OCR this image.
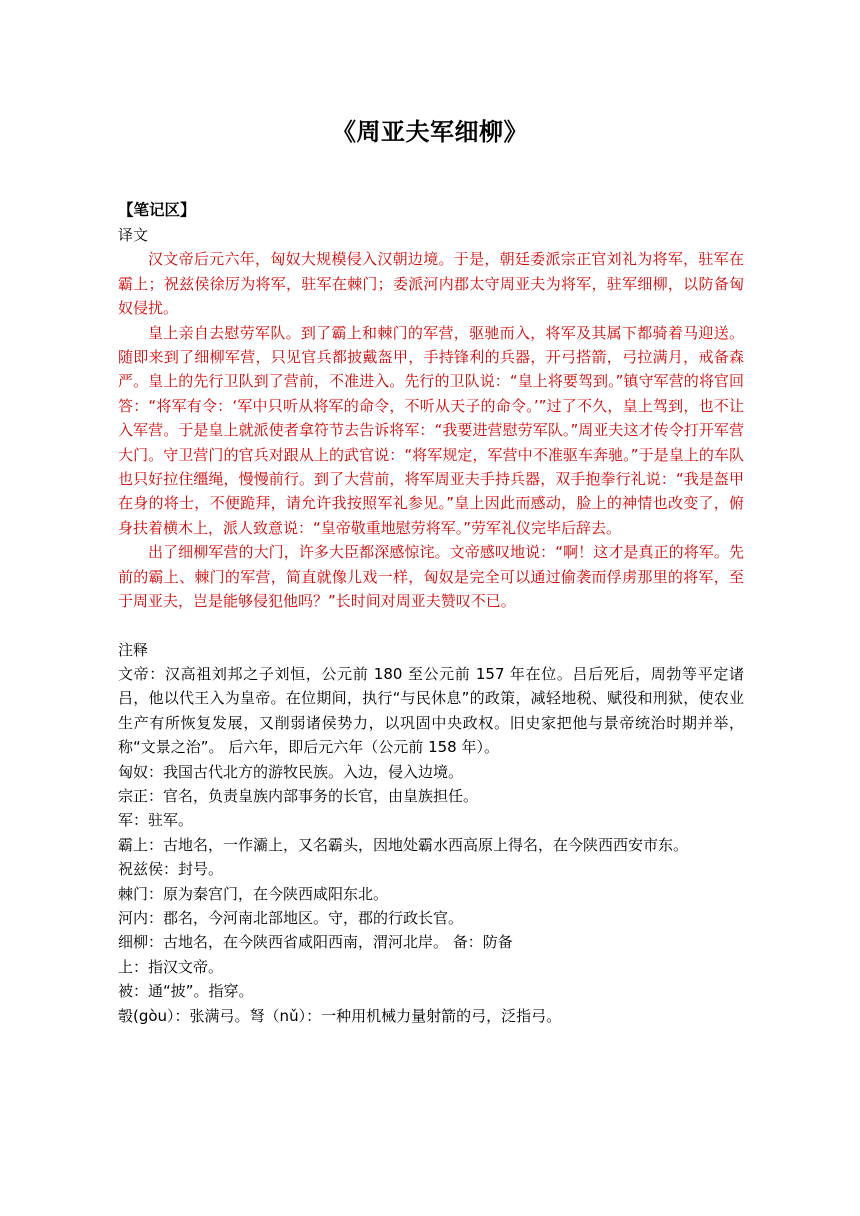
《周亚夫军细柳》
【笔记区】
译文

汉文帝后元六年，匈奴大规模侵入汉朝边境。于是，朝廷委派宗正官刘礼为将军，驻军在霸上；祝兹侯徐厉为将军，驻军在棘门；委派河内郡太守周亚夫为将军，驻军细柳，以防备匈奴侵扰。

皇上亲自去慰劳军队。到了霸上和棘门的军营，驱驰而入，将军及其属下都骑着马迎送。随即来到了细柳军营，只见官兵都披戴盔甲，手持锋利的兵器，开弓搭箭，弓拉满月，戒备森严。皇上的先行卫队到了营前，不准进入。先行的卫队说：“皇上将要驾到。”镇守军营的将官回答：“将军有令：‘军中只听从将军的命令，不听从天子的命令。’”过了不久，皇上驾到，也不让入军营。于是皇上就派使者拿符节去告诉将军：“我要进营慰劳军队。”周亚夫这才传令打开军营大门。守卫营门的官兵对跟从上的武官说：“将军规定，军营中不准驱车奔驰。”于是皇上的车队也只好拉住缰绳，慢慢前行。到了大营前，将军周亚夫手持兵器，双手抱拳行礼说：“我是盔甲在身的将士，不便跪拜，请允许我按照军礼参见。”皇上因此而感动，脸上的神情也改变了，俯身扶着横木上，派人致意说：“皇帝敬重地慰劳将军。”劳军礼仪完毕后辞去。

出了细柳军营的大门，许多大臣都深感惊诧。文帝感叹地说：“啊！这才是真正的将军。先前的霸上、棘门的军营，简直就像儿戏一样，匈奴是完全可以通过偷袭而俘虏那里的将军，至于周亚夫，岂是能够侵犯他吗？”长时间对周亚夫赞叹不已。

注释

文帝：汉高祖刘邦之子刘恒，公元前 180 至公元前 157 年在位。吕后死后，周勃等平定诸吕，他以代王入为皇帝。在位期间，执行“与民休息”的政策，减轻地税、赋役和刑狱，使农业生产有所恢复发展，又削弱诸侯势力，以巩固中央政权。旧史家把他与景帝统治时期并举，称“文景之治”。 后六年，即后元六年（公元前 158 年）。

匈奴：我国古代北方的游牧民族。入边，侵入边境。

宗正：官名，负责皇族内部事务的长官，由皇族担任。

军：驻军。

霸上：古地名，一作灞上，又名霸头，因地处霸水西高原上得名，在今陕西西安市东。

祝兹侯：封号。

棘门：原为秦宫门，在今陕西咸阳东北。

河内：郡名，今河南北部地区。守，郡的行政长官。

细柳：古地名，在今陕西省咸阳西南，渭河北岸。 备：防备

上：指汉文帝。

被：通“披”。指穿。

彀(gòu）：张满弓。弩（nǔ）：一种用机械力量射箭的弓，泛指弓。
